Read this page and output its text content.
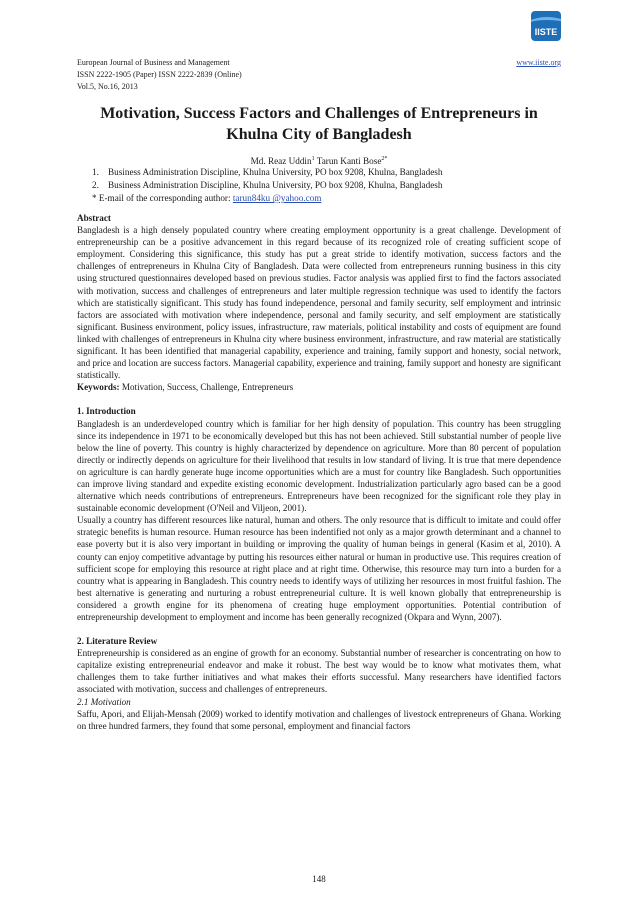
IISTE
European Journal of Business and Management	www.iiste.org
ISSN 2222-1905 (Paper) ISSN 2222-2839 (Online)
Vol.5, No.16, 2013
Motivation, Success Factors and Challenges of Entrepreneurs in Khulna City of Bangladesh
Md. Reaz Uddin$^1$ Tarun Kanti Bose$^{2*}$
1. Business Administration Discipline, Khulna University, PO box 9208, Khulna, Bangladesh
2. Business Administration Discipline, Khulna University, PO box 9208, Khulna, Bangladesh
* E-mail of the corresponding author: tarun84ku @yahoo.com

Abstract

Bangladesh is a high densely populated country where creating employment opportunity is a great challenge. Development of entrepreneurship can be a positive advancement in this regard because of its recognized role of creating sufficient scope of employment. Considering this significance, this study has put a great stride to identify motivation, success factors and the challenges of entrepreneurs in Khulna City of Bangladesh. Data were collected from entrepreneurs running business in this city using structured questionnaires developed based on previous studies. Factor analysis was applied first to find the factors associated with motivation, success and challenges of entrepreneurs and later multiple regression technique was used to identify the factors which are statistically significant. This study has found independence, personal and family security, self employment and intrinsic factors are associated with motivation where independence, personal and family security, and self employment are statistically significant. Business environment, policy issues, infrastructure, raw materials, political instability and costs of equipment are found linked with challenges of entrepreneurs in Khulna city where business environment, infrastructure, and raw material are statistically significant. It has been identified that managerial capability, experience and training, family support and honesty, social network, and price and location are success factors. Managerial capability, experience and training, family support and honesty are significant statistically.

Keywords: Motivation, Success, Challenge, Entrepreneurs

1. Introduction

Bangladesh is an underdeveloped country which is familiar for her high density of population. This country has been struggling since its independence in 1971 to be economically developed but this has not been achieved. Still substantial number of people live below the line of poverty. This country is highly characterized by dependence on agriculture. More than 80 percent of population directly or indirectly depends on agriculture for their livelihood that results in low standard of living. It is true that mere dependence on agriculture is can hardly generate huge income opportunities which are a must for country like Bangladesh. Such opportunities can improve living standard and expedite existing economic development. Industrialization particularly agro based can be a good alternative which needs contributions of entrepreneurs. Entrepreneurs have been recognized for the significant role they play in sustainable economic development (O'Neil and Viljeon, 2001).

Usually a country has different resources like natural, human and others. The only resource that is difficult to imitate and could offer strategic benefits is human resource. Human resource has been indentified not only as a major growth determinant and a channel to ease poverty but it is also very important in building or improving the quality of human beings in general (Kasim et al, 2010). A county can enjoy competitive advantage by putting his resources either natural or human in productive use. This requires creation of sufficient scope for employing this resource at right place and at right time. Otherwise, this resource may turn into a burden for a country what is appearing in Bangladesh. This country needs to identify ways of utilizing her resources in most fruitful fashion. The best alternative is generating and nurturing a robust entrepreneurial culture. It is well known globally that entrepreneurship is considered a growth engine for its phenomena of creating huge employment opportunities. Potential contribution of entrepreneurship development to employment and income has been generally recognized (Okpara and Wynn, 2007).

2. Literature Review

Entrepreneurship is considered as an engine of growth for an economy. Substantial number of researcher is concentrating on how to capitalize existing entrepreneurial endeavor and make it robust. The best way would be to know what motivates them, what challenges them to take further initiatives and what makes their efforts successful. Many researchers have identified factors associated with motivation, success and challenges of entrepreneurs.

2.1 Motivation

Saffu, Apori, and Elijah-Mensah (2009) worked to identify motivation and challenges of livestock entrepreneurs of Ghana. Working on three hundred farmers, they found that some personal, employment and financial factors

148
